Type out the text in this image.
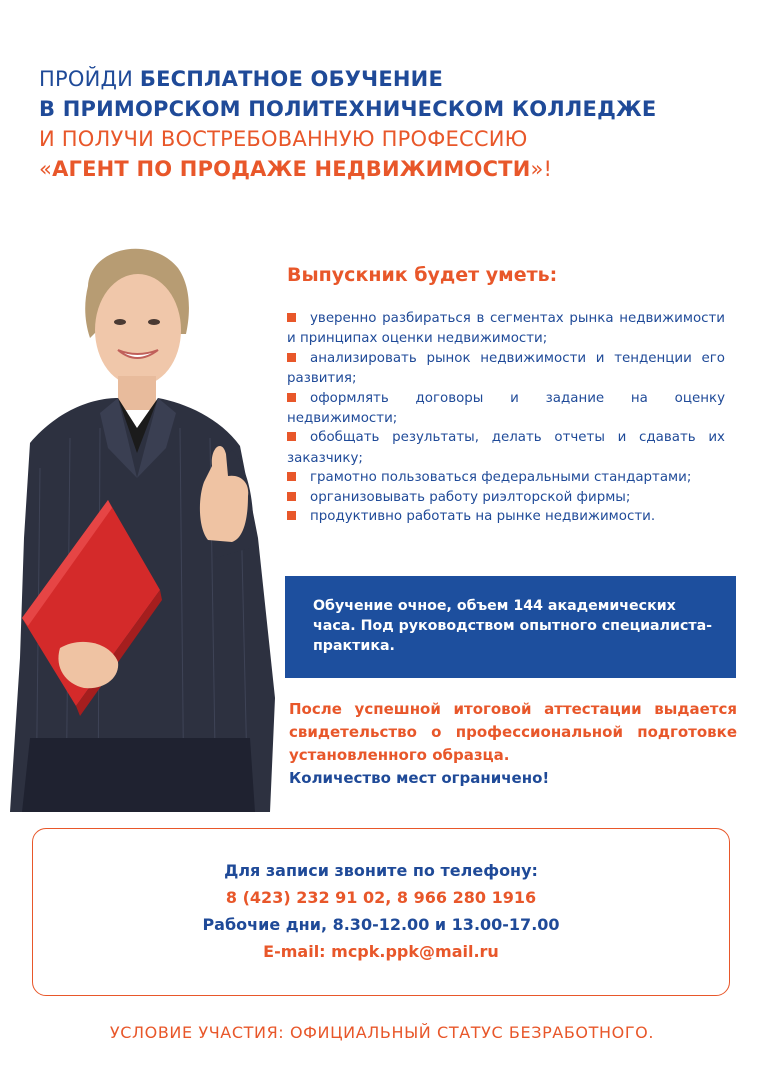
ПРОЙДИ БЕСПЛАТНОЕ ОБУЧЕНИЕ
В ПРИМОРСКОМ ПОЛИТЕХНИЧЕСКОМ КОЛЛЕДЖЕ
И ПОЛУЧИ ВОСТРЕБОВАННУЮ ПРОФЕССИЮ
«АГЕНТ ПО ПРОДАЖЕ НЕДВИЖИМОСТИ»!
Выпускник будет уметь:
уверенно разбираться в сегментах рынка недвижимости и принципах оценки недвижимости;
анализировать рынок недвижимости и тенденции его развития;
оформлять договоры и задание на оценку недвижимости;
обобщать результаты, делать отчеты и сдавать их заказчику;
грамотно пользоваться федеральными стандартами;
организовывать работу риэлторской фирмы;
продуктивно работать на рынке недвижимости.
Обучение очное, объем 144 академических часа. Под руководством опытного специалиста-практика.
После успешной итоговой аттестации выдается свидетельство о профессиональной подготовке установленного образца.
Количество мест ограничено!
Для записи звоните по телефону:
8 (423) 232 91 02, 8 966 280 1916
Рабочие дни, 8.30-12.00 и 13.00-17.00
E-mail: mcpk.ppk@mail.ru
УСЛОВИЕ УЧАСТИЯ: ОФИЦИАЛЬНЫЙ СТАТУС БЕЗРАБОТНОГО.
